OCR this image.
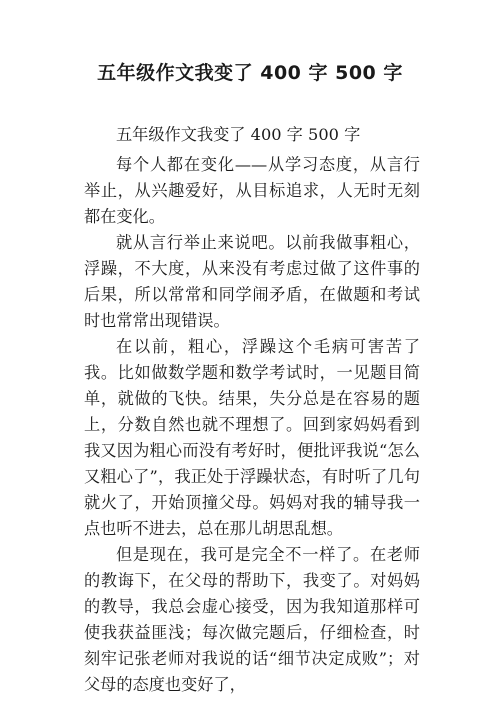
五年级作文我变了 400 字 500 字

五年级作文我变了 400 字 500 字

每个人都在变化——从学习态度，从言行举止，从兴趣爱好，从目标追求，人无时无刻都在变化。

就从言行举止来说吧。以前我做事粗心，浮躁，不大度，从来没有考虑过做了这件事的后果，所以常常和同学闹矛盾，在做题和考试时也常常出现错误。

在以前，粗心，浮躁这个毛病可害苦了我。比如做数学题和数学考试时，一见题目简单，就做的飞快。结果，失分总是在容易的题上，分数自然也就不理想了。回到家妈妈看到我又因为粗心而没有考好时，便批评我说“怎么又粗心了”，我正处于浮躁状态，有时听了几句就火了，开始顶撞父母。妈妈对我的辅导我一点也听不进去，总在那儿胡思乱想。

但是现在，我可是完全不一样了。在老师的教诲下，在父母的帮助下，我变了。对妈妈的教导，我总会虚心接受，因为我知道那样可使我获益匪浅；每次做完题后，仔细检查，时刻牢记张老师对我说的话“细节决定成败”；对父母的态度也变好了，
